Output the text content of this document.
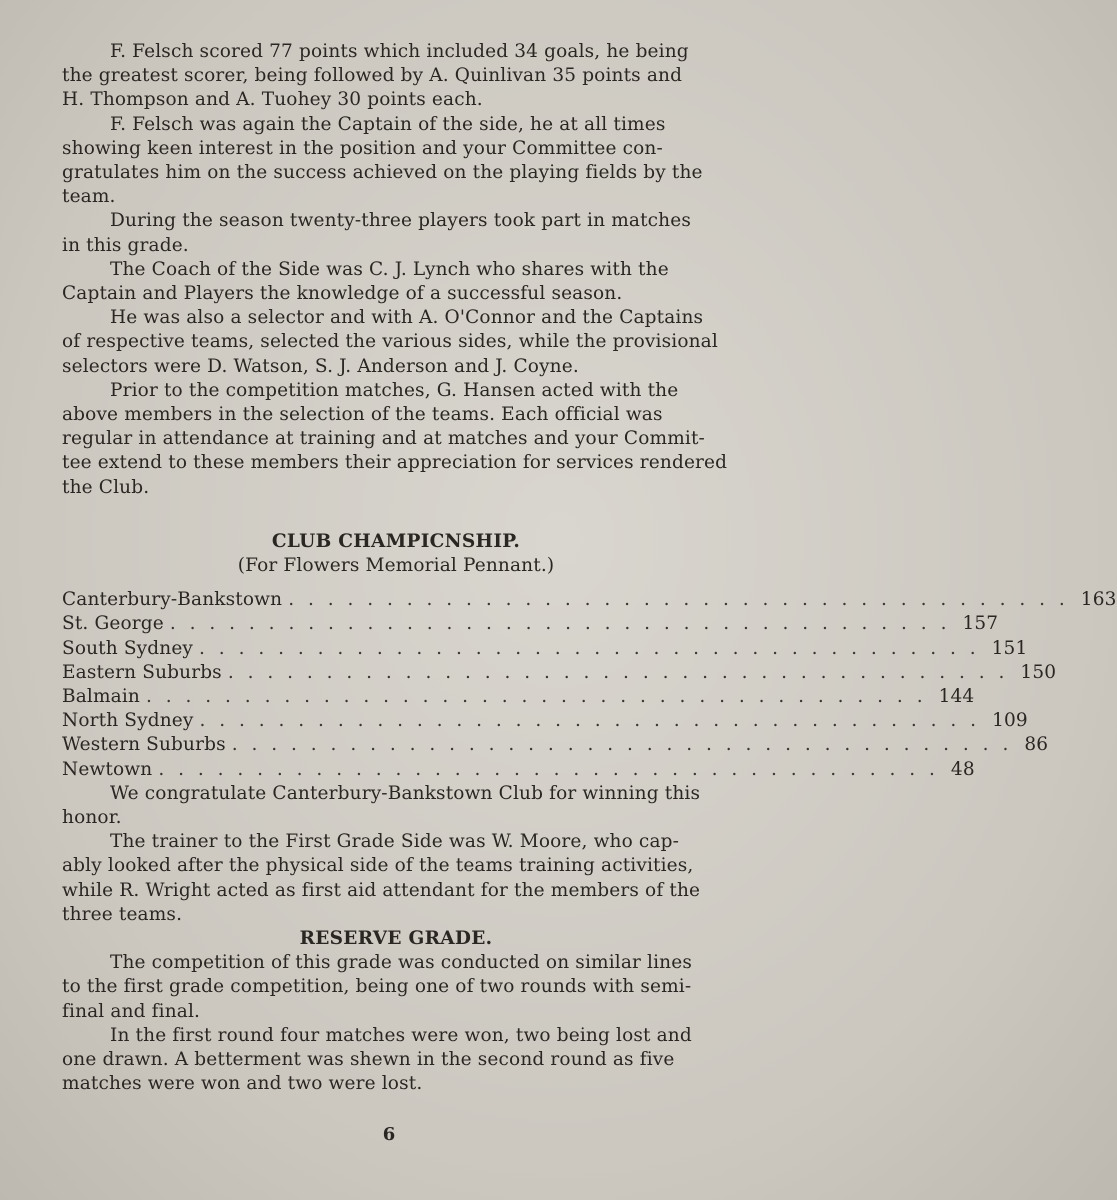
F. Felsch scored 77 points which included 34 goals, he being
the greatest scorer, being followed by A. Quinlivan 35 points and
H. Thompson and A. Tuohey 30 points each.
F. Felsch was again the Captain of the side, he at all times
showing keen interest in the position and your Committee con-
gratulates him on the success achieved on the playing fields by the
team.
During the season twenty-three players took part in matches
in this grade.
The Coach of the Side was C. J. Lynch who shares with the
Captain and Players the knowledge of a successful season.
He was also a selector and with A. O'Connor and the Captains
of respective teams, selected the various sides, while the provisional
selectors were D. Watson, S. J. Anderson and J. Coyne.
Prior to the competition matches, G. Hansen acted with the
above members in the selection of the teams. Each official was
regular in attendance at training and at matches and your Commit-
tee extend to these members their appreciation for services rendered
the Club.

CLUB CHAMPICNSHIP.

(For Flowers Memorial Pennant.)

Canterbury-Bankstown . . . . . . . . . . . . . . . . . . . . . . . . . . . . . . . . . . . . . . . . 163
St. George . . . . . . . . . . . . . . . . . . . . . . . . . . . . . . . . . . . . . . . . 157
South Sydney . . . . . . . . . . . . . . . . . . . . . . . . . . . . . . . . . . . . . . . . 151
Eastern Suburbs . . . . . . . . . . . . . . . . . . . . . . . . . . . . . . . . . . . . . . . . 150
Balmain . . . . . . . . . . . . . . . . . . . . . . . . . . . . . . . . . . . . . . . . 144
North Sydney . . . . . . . . . . . . . . . . . . . . . . . . . . . . . . . . . . . . . . . . 109
Western Suburbs . . . . . . . . . . . . . . . . . . . . . . . . . . . . . . . . . . . . . . . . 86
Newtown . . . . . . . . . . . . . . . . . . . . . . . . . . . . . . . . . . . . . . . . 48
We congratulate Canterbury-Bankstown Club for winning this
honor.
The trainer to the First Grade Side was W. Moore, who cap-
ably looked after the physical side of the teams training activities,
while R. Wright acted as first aid attendant for the members of the
three teams.

RESERVE GRADE.

The competition of this grade was conducted on similar lines
to the first grade competition, being one of two rounds with semi-
final and final.
In the first round four matches were won, two being lost and
one drawn. A betterment was shewn in the second round as five
matches were won and two were lost.
6
